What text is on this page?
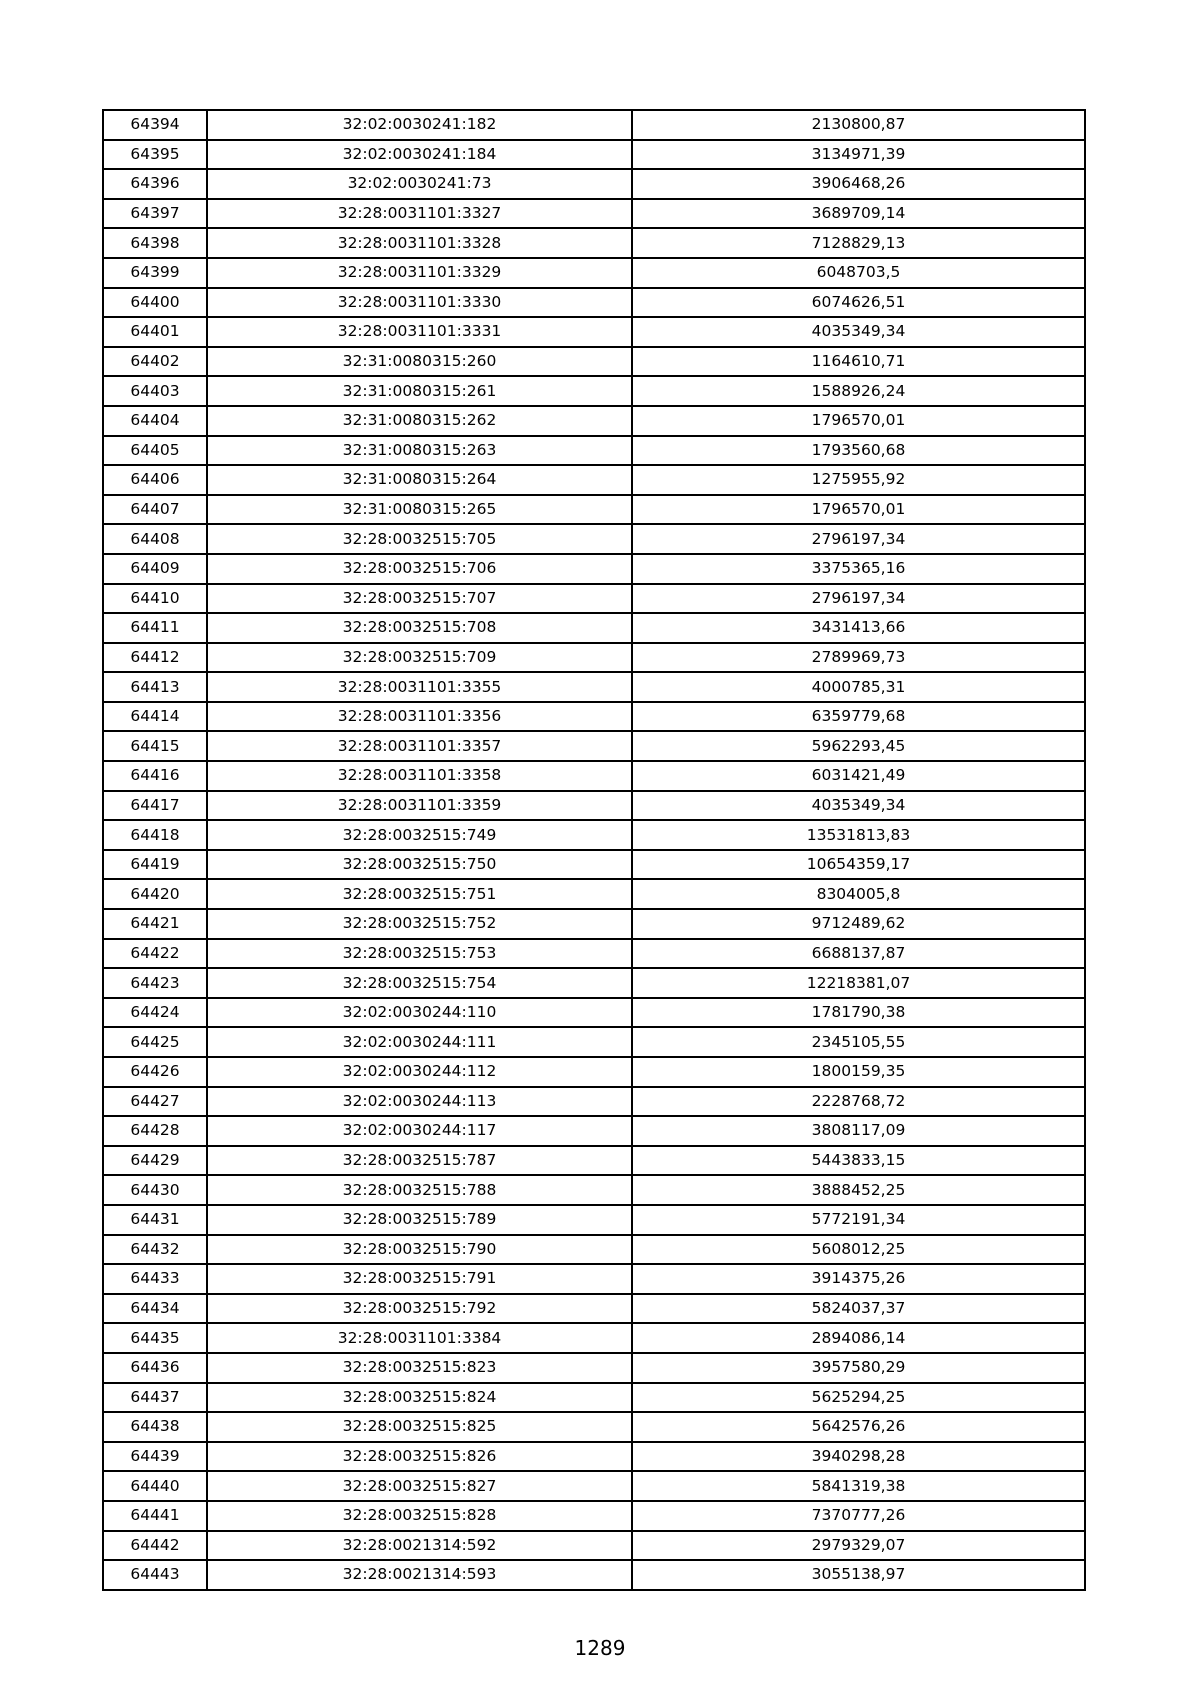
64394	32:02:0030241:182	2130800,87
64395	32:02:0030241:184	3134971,39
64396	32:02:0030241:73	3906468,26
64397	32:28:0031101:3327	3689709,14
64398	32:28:0031101:3328	7128829,13
64399	32:28:0031101:3329	6048703,5
64400	32:28:0031101:3330	6074626,51
64401	32:28:0031101:3331	4035349,34
64402	32:31:0080315:260	1164610,71
64403	32:31:0080315:261	1588926,24
64404	32:31:0080315:262	1796570,01
64405	32:31:0080315:263	1793560,68
64406	32:31:0080315:264	1275955,92
64407	32:31:0080315:265	1796570,01
64408	32:28:0032515:705	2796197,34
64409	32:28:0032515:706	3375365,16
64410	32:28:0032515:707	2796197,34
64411	32:28:0032515:708	3431413,66
64412	32:28:0032515:709	2789969,73
64413	32:28:0031101:3355	4000785,31
64414	32:28:0031101:3356	6359779,68
64415	32:28:0031101:3357	5962293,45
64416	32:28:0031101:3358	6031421,49
64417	32:28:0031101:3359	4035349,34
64418	32:28:0032515:749	13531813,83
64419	32:28:0032515:750	10654359,17
64420	32:28:0032515:751	8304005,8
64421	32:28:0032515:752	9712489,62
64422	32:28:0032515:753	6688137,87
64423	32:28:0032515:754	12218381,07
64424	32:02:0030244:110	1781790,38
64425	32:02:0030244:111	2345105,55
64426	32:02:0030244:112	1800159,35
64427	32:02:0030244:113	2228768,72
64428	32:02:0030244:117	3808117,09
64429	32:28:0032515:787	5443833,15
64430	32:28:0032515:788	3888452,25
64431	32:28:0032515:789	5772191,34
64432	32:28:0032515:790	5608012,25
64433	32:28:0032515:791	3914375,26
64434	32:28:0032515:792	5824037,37
64435	32:28:0031101:3384	2894086,14
64436	32:28:0032515:823	3957580,29
64437	32:28:0032515:824	5625294,25
64438	32:28:0032515:825	5642576,26
64439	32:28:0032515:826	3940298,28
64440	32:28:0032515:827	5841319,38
64441	32:28:0032515:828	7370777,26
64442	32:28:0021314:592	2979329,07
64443	32:28:0021314:593	3055138,97
1289
